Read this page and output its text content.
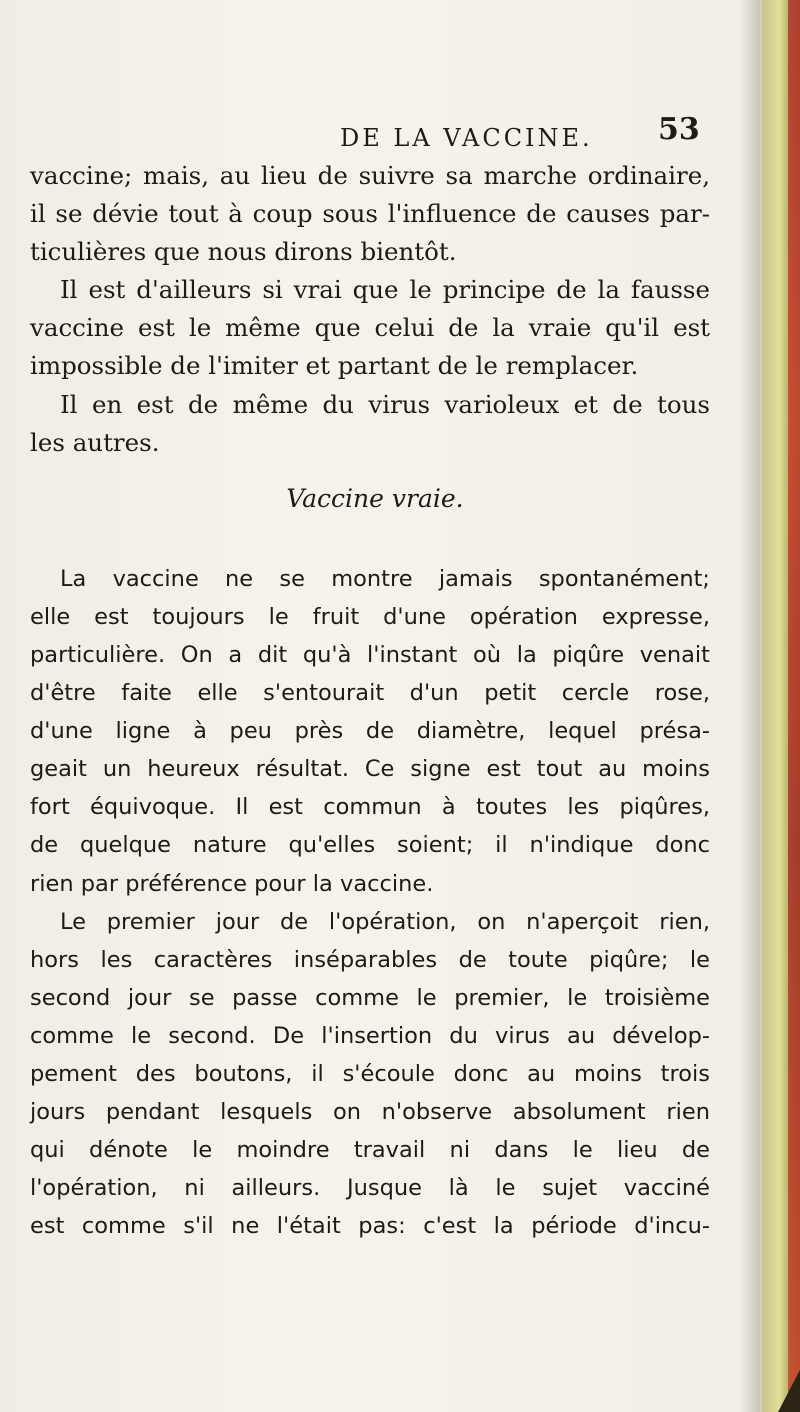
DE LA VACCINE. 53
vaccine; mais, au lieu de suivre sa marche ordinaire,
il se dévie tout à coup sous l'influence de causes par-
ticulières que nous dirons bientôt.
Il est d'ailleurs si vrai que le principe de la fausse
vaccine est le même que celui de la vraie qu'il est
impossible de l'imiter et partant de le remplacer.
Il en est de même du virus varioleux et de tous
les autres.
Vaccine vraie.
La vaccine ne se montre jamais spontanément;
elle est toujours le fruit d'une opération expresse,
particulière. On a dit qu'à l'instant où la piqûre venait
d'être faite elle s'entourait d'un petit cercle rose,
d'une ligne à peu près de diamètre, lequel présa-
geait un heureux résultat. Ce signe est tout au moins
fort équivoque. Il est commun à toutes les piqûres,
de quelque nature qu'elles soient; il n'indique donc
rien par préférence pour la vaccine.
Le premier jour de l'opération, on n'aperçoit rien,
hors les caractères inséparables de toute piqûre; le
second jour se passe comme le premier, le troisième
comme le second. De l'insertion du virus au dévelop-
pement des boutons, il s'écoule donc au moins trois
jours pendant lesquels on n'observe absolument rien
qui dénote le moindre travail ni dans le lieu de
l'opération, ni ailleurs. Jusque là le sujet vacciné
est comme s'il ne l'était pas: c'est la période d'incu-
